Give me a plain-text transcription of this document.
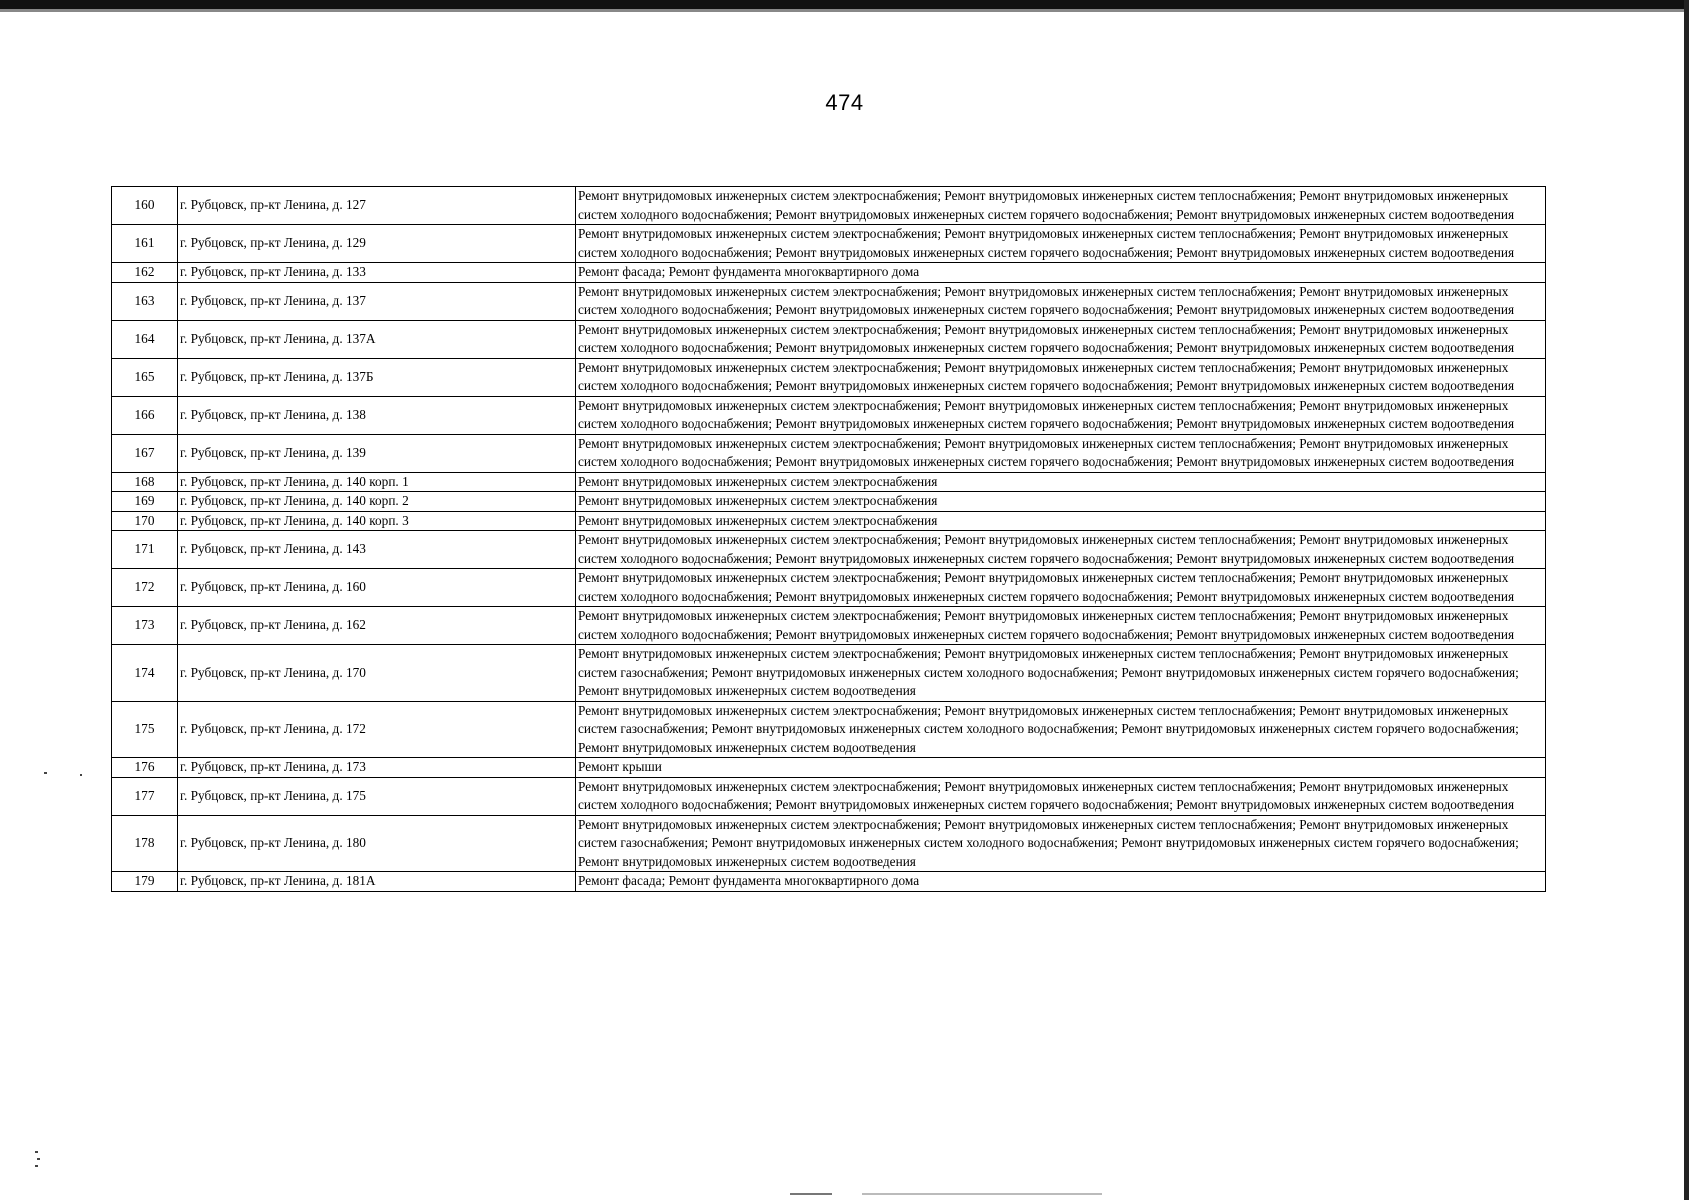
474
160	г. Рубцовск, пр-кт Ленина, д. 127	Ремонт внутридомовых инженерных систем электроснабжения; Ремонт внутридомовых инженерных систем теплоснабжения; Ремонт внутридомовых инженерных систем холодного водоснабжения; Ремонт внутридомовых инженерных систем горячего водоснабжения; Ремонт внутридомовых инженерных систем водоотведения
161	г. Рубцовск, пр-кт Ленина, д. 129	Ремонт внутридомовых инженерных систем электроснабжения; Ремонт внутридомовых инженерных систем теплоснабжения; Ремонт внутридомовых инженерных систем холодного водоснабжения; Ремонт внутридомовых инженерных систем горячего водоснабжения; Ремонт внутридомовых инженерных систем водоотведения
162	г. Рубцовск, пр-кт Ленина, д. 133	Ремонт фасада; Ремонт фундамента многоквартирного дома
163	г. Рубцовск, пр-кт Ленина, д. 137	Ремонт внутридомовых инженерных систем электроснабжения; Ремонт внутридомовых инженерных систем теплоснабжения; Ремонт внутридомовых инженерных систем холодного водоснабжения; Ремонт внутридомовых инженерных систем горячего водоснабжения; Ремонт внутридомовых инженерных систем водоотведения
164	г. Рубцовск, пр-кт Ленина, д. 137А	Ремонт внутридомовых инженерных систем электроснабжения; Ремонт внутридомовых инженерных систем теплоснабжения; Ремонт внутридомовых инженерных систем холодного водоснабжения; Ремонт внутридомовых инженерных систем горячего водоснабжения; Ремонт внутридомовых инженерных систем водоотведения
165	г. Рубцовск, пр-кт Ленина, д. 137Б	Ремонт внутридомовых инженерных систем электроснабжения; Ремонт внутридомовых инженерных систем теплоснабжения; Ремонт внутридомовых инженерных систем холодного водоснабжения; Ремонт внутридомовых инженерных систем горячего водоснабжения; Ремонт внутридомовых инженерных систем водоотведения
166	г. Рубцовск, пр-кт Ленина, д. 138	Ремонт внутридомовых инженерных систем электроснабжения; Ремонт внутридомовых инженерных систем теплоснабжения; Ремонт внутридомовых инженерных систем холодного водоснабжения; Ремонт внутридомовых инженерных систем горячего водоснабжения; Ремонт внутридомовых инженерных систем водоотведения
167	г. Рубцовск, пр-кт Ленина, д. 139	Ремонт внутридомовых инженерных систем электроснабжения; Ремонт внутридомовых инженерных систем теплоснабжения; Ремонт внутридомовых инженерных систем холодного водоснабжения; Ремонт внутридомовых инженерных систем горячего водоснабжения; Ремонт внутридомовых инженерных систем водоотведения
168	г. Рубцовск, пр-кт Ленина, д. 140 корп. 1	Ремонт внутридомовых инженерных систем электроснабжения
169	г. Рубцовск, пр-кт Ленина, д. 140 корп. 2	Ремонт внутридомовых инженерных систем электроснабжения
170	г. Рубцовск, пр-кт Ленина, д. 140 корп. 3	Ремонт внутридомовых инженерных систем электроснабжения
171	г. Рубцовск, пр-кт Ленина, д. 143	Ремонт внутридомовых инженерных систем электроснабжения; Ремонт внутридомовых инженерных систем теплоснабжения; Ремонт внутридомовых инженерных систем холодного водоснабжения; Ремонт внутридомовых инженерных систем горячего водоснабжения; Ремонт внутридомовых инженерных систем водоотведения
172	г. Рубцовск, пр-кт Ленина, д. 160	Ремонт внутридомовых инженерных систем электроснабжения; Ремонт внутридомовых инженерных систем теплоснабжения; Ремонт внутридомовых инженерных систем холодного водоснабжения; Ремонт внутридомовых инженерных систем горячего водоснабжения; Ремонт внутридомовых инженерных систем водоотведения
173	г. Рубцовск, пр-кт Ленина, д. 162	Ремонт внутридомовых инженерных систем электроснабжения; Ремонт внутридомовых инженерных систем теплоснабжения; Ремонт внутридомовых инженерных систем холодного водоснабжения; Ремонт внутридомовых инженерных систем горячего водоснабжения; Ремонт внутридомовых инженерных систем водоотведения
174	г. Рубцовск, пр-кт Ленина, д. 170	Ремонт внутридомовых инженерных систем электроснабжения; Ремонт внутридомовых инженерных систем теплоснабжения; Ремонт внутридомовых инженерных систем газоснабжения; Ремонт внутридомовых инженерных систем холодного водоснабжения; Ремонт внутридомовых инженерных систем горячего водоснабжения; Ремонт внутридомовых инженерных систем водоотведения
175	г. Рубцовск, пр-кт Ленина, д. 172	Ремонт внутридомовых инженерных систем электроснабжения; Ремонт внутридомовых инженерных систем теплоснабжения; Ремонт внутридомовых инженерных систем газоснабжения; Ремонт внутридомовых инженерных систем холодного водоснабжения; Ремонт внутридомовых инженерных систем горячего водоснабжения; Ремонт внутридомовых инженерных систем водоотведения
176	г. Рубцовск, пр-кт Ленина, д. 173	Ремонт крыши
177	г. Рубцовск, пр-кт Ленина, д. 175	Ремонт внутридомовых инженерных систем электроснабжения; Ремонт внутридомовых инженерных систем теплоснабжения; Ремонт внутридомовых инженерных систем холодного водоснабжения; Ремонт внутридомовых инженерных систем горячего водоснабжения; Ремонт внутридомовых инженерных систем водоотведения
178	г. Рубцовск, пр-кт Ленина, д. 180	Ремонт внутридомовых инженерных систем электроснабжения; Ремонт внутридомовых инженерных систем теплоснабжения; Ремонт внутридомовых инженерных систем газоснабжения; Ремонт внутридомовых инженерных систем холодного водоснабжения; Ремонт внутридомовых инженерных систем горячего водоснабжения; Ремонт внутридомовых инженерных систем водоотведения
179	г. Рубцовск, пр-кт Ленина, д. 181А	Ремонт фасада; Ремонт фундамента многоквартирного дома
